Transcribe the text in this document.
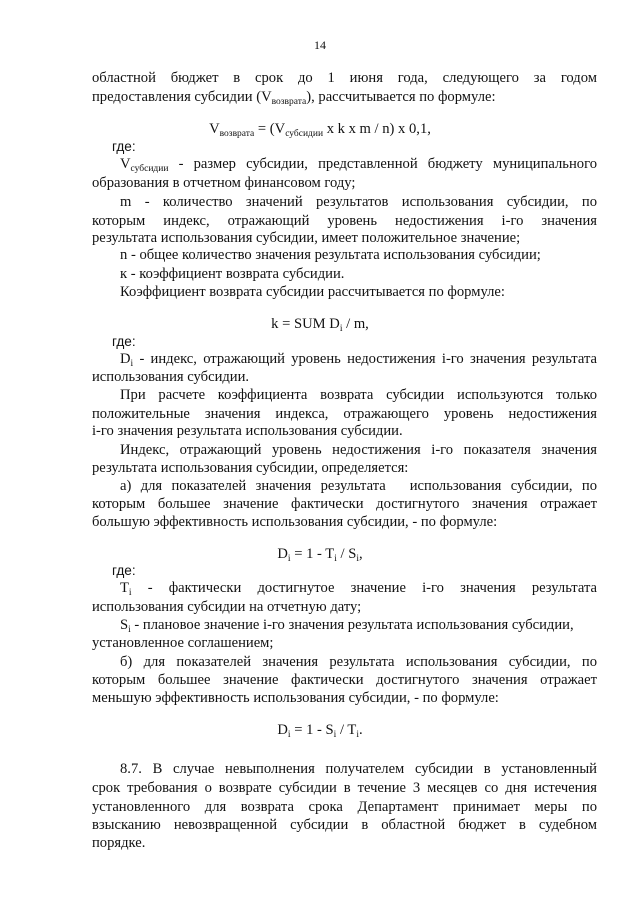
14
областной бюджет в срок до 1 июня года, следующего за годом
предоставления субсидии $(V_{возврата})$, рассчитывается по формуле:
$V_{возврата} = (V_{субсидии}$ x k x m / n) x 0,1,
где:
$V_{субсидии}$ - размер субсидии, представленной бюджету муниципального
образования в отчетном финансовом году;
m - количество значений результатов использования субсидии, по
которым индекс, отражающий уровень недостижения i-го значения
результата использования субсидии, имеет положительное значение;
n - общее количество значения результата использования субсидии;
к - коэффициент возврата субсидии.
Коэффициент возврата субсидии рассчитывается по формуле:
k = SUM $D_i$ / m,
где:
$D_i$ - индекс, отражающий уровень недостижения i-го значения результата
использования субсидии.
При расчете коэффициента возврата субсидии используются только
положительные значения индекса, отражающего уровень недостижения
i-го значения результата использования субсидии.
Индекс, отражающий уровень недостижения i-го показателя значения
результата использования субсидии, определяется:
а) для показателей значения результата использования субсидии, по
которым большее значение фактически достигнутого значения отражает
большую эффективность использования субсидии, - по формуле:
$D_i = 1 - T_i / S_i$,
где:
$T_i$ - фактически достигнутое значение i-го значения результата
использования субсидии на отчетную дату;
$S_i$ - плановое значение i-го значения результата использования субсидии,
установленное соглашением;
б) для показателей значения результата использования субсидии, по
которым большее значение фактически достигнутого значения отражает
меньшую эффективность использования субсидии, - по формуле:
$D_i = 1 - S_i / T_i$.
8.7. В случае невыполнения получателем субсидии в установленный
срок требования о возврате субсидии в течение 3 месяцев со дня истечения
установленного для возврата срока Департамент принимает меры по
взысканию невозвращенной субсидии в областной бюджет в судебном
порядке.
